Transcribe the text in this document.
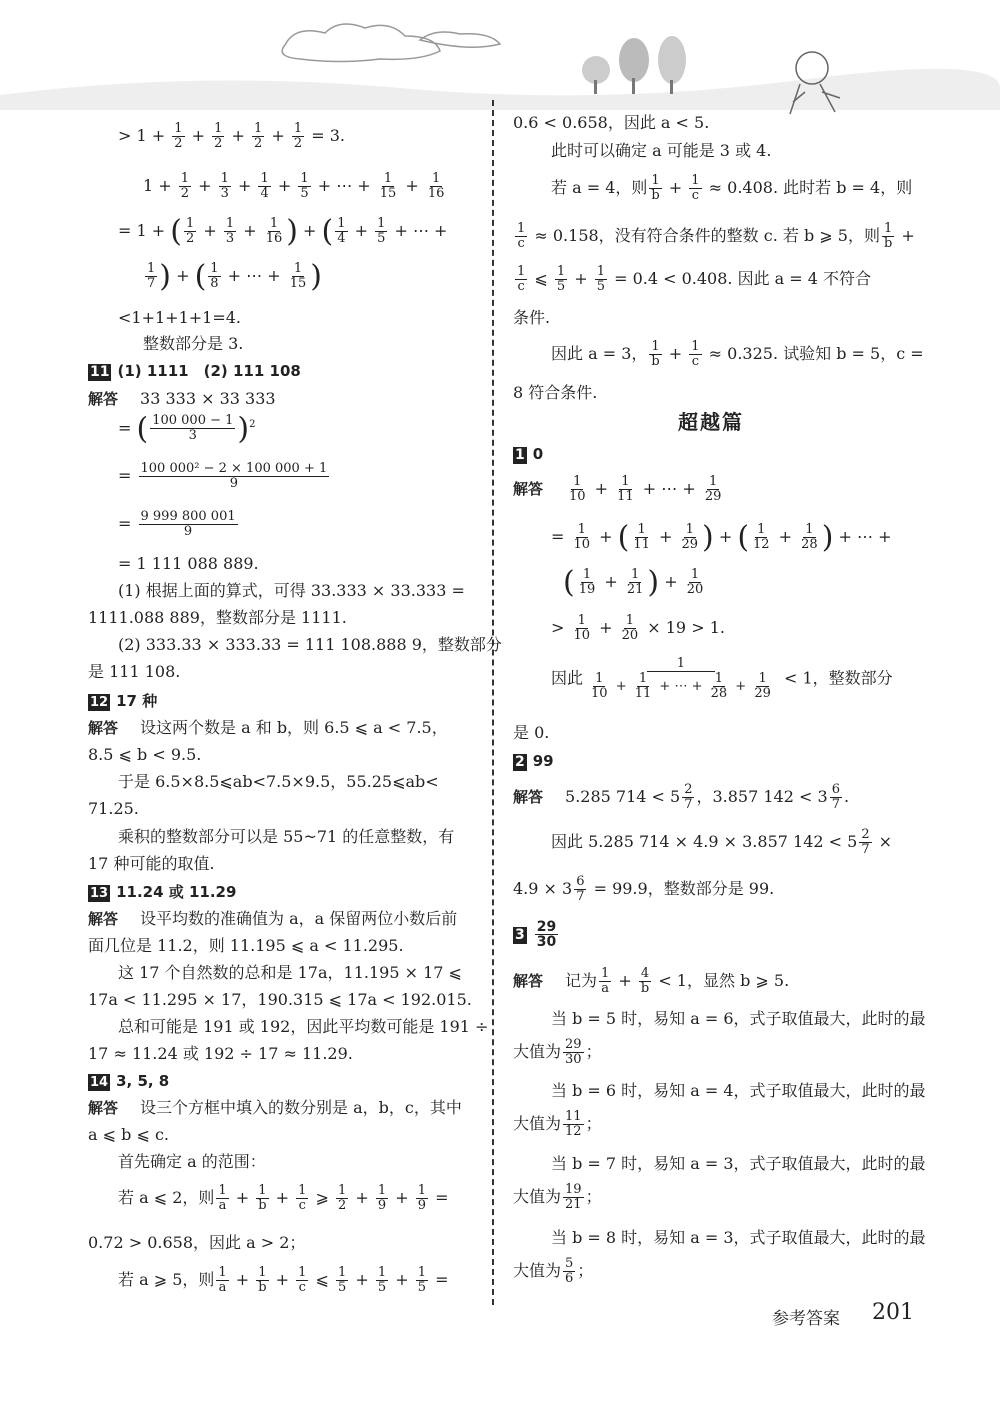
> $1 + \frac{1}{2} + \frac{1}{2} + \frac{1}{2} + \frac{1}{2} = 3$.
$1 + \frac{1}{2} + \frac{1}{3} + \frac{1}{4} + \frac{1}{5}$ + ⋯ + $\frac{1}{15} + \frac{1}{16}$
= 1 + ( $\frac{1}{2} + \frac{1}{3} + \frac{1}{16}$ ) + ( $\frac{1}{4} + \frac{1}{5}$ + ⋯ +
$\frac{1}{7}$ ) + ( $\frac{1}{8}$ + ⋯ + $\frac{1}{15}$ )
<1+1+1+1=4.
整数部分是 3.
11 (1) 1111　(2) 111 108
解答 33 333 × 33 333
= ( $\frac{100 000 - 1}{3} )^2$
= $\frac{\text{100 000² − 2 × 100 000 + 1}}{9}$
= $\frac{9 999 800 001}{9}$
= 1 111 088 889.
(1) 根据上面的算式，可得 33.333 × 33.333 =
1111.088 889，整数部分是 1111.
(2) 333.33 × 333.33 = 111 108.888 9，整数部分
是 111 108.
12 17 种
解答 设这两个数是 a 和 b，则 6.5 ⩽ a < 7.5，
8.5 ⩽ b < 9.5.
于是 6.5×8.5⩽ab<7.5×9.5，55.25⩽ab<
71.25.
乘积的整数部分可以是 55~71 的任意整数，有
17 种可能的取值.
13 11.24 或 11.29
解答 设平均数的准确值为 a，a 保留两位小数后前
面几位是 11.2，则 11.195 ⩽ a < 11.295.
这 17 个自然数的总和是 17a，11.195 × 17 ⩽
17a < 11.295 × 17，190.315 ⩽ 17a < 192.015.
总和可能是 191 或 192，因此平均数可能是 191 ÷
17 ≈ 11.24 或 192 ÷ 17 ≈ 11.29.
14 3, 5, 8
解答 设三个方框中填入的数分别是 a，b，c，其中
a ⩽ b ⩽ c.
首先确定 a 的范围：
若 a ⩽ 2，则 $\frac{1}{a} + \frac{1}{b} + \frac{1}{c}$ ⩾ $\frac{1}{2} + \frac{1}{9} + \frac{1}{9}$ =
0.72 > 0.658，因此 a > 2；
若 a ⩾ 5，则 $\frac{1}{a} + \frac{1}{b} + \frac{1}{c}$ ⩽ $\frac{1}{5} + \frac{1}{5} + \frac{1}{5}$ =
0.6 < 0.658，因此 a < 5.
此时可以确定 a 可能是 3 或 4.
若 a = 4，则 $\frac{1}{b} + \frac{1}{c} \approx 0.408$. 此时若 b = 4，则
$\frac{1}{c} \approx 0.158$，没有符合条件的整数 c. 若 b ⩾ 5，则 $\frac{1}{b}$ +
$\frac{1}{c}$ ⩽ $\frac{1}{5} + \frac{1}{5} = 0.4 < 0.408$. 因此 a = 4 不符合
条件.
因此 a = 3， $\frac{1}{b} + \frac{1}{c} \approx 0.325$. 试验知 b = 5，c =
8 符合条件.
超越篇
1 0
解答 $\frac{1}{10} + \frac{1}{11}$ + ⋯ + $\frac{1}{29}$
= $\frac{1}{10}$ + ( $\frac{1}{11} + \frac{1}{29}$ ) + ( $\frac{1}{12} + \frac{1}{28}$ ) + ⋯ +
( $\frac{1}{19} + \frac{1}{21}$ ) + $\frac{1}{20}$
> $\frac{1}{10} + \frac{1}{20} \times 19 > 1$.
因此 $\frac{1}{\frac{1}{10} + \frac{1}{11} + \cdots + \frac{1}{28} + \frac{1}{29}} < 1$，整数部分
是 0.
2 99
解答 5.285 $714 < 5 \frac{2}{7}$ ，3.857 $142 < 3 \frac{6}{7}$ .
因此 5.285 714 × 4.9 × 3.857 $142 < 5 \frac{2}{7}$ ×
$4.9 \times 3 \frac{6}{7} = 99.9$，整数部分是 99.
$3 \frac{29}{30}$
解答 记为 $\frac{1}{a} + \frac{4}{b} < 1$，显然 b ⩾ 5.
当 b = 5 时，易知 a = 6，式子取值最大，此时的最
大值为 $\frac{29}{30}$ ；
当 b = 6 时，易知 a = 4，式子取值最大，此时的最
大值为 $\frac{11}{12}$ ；
当 b = 7 时，易知 a = 3，式子取值最大，此时的最
大值为 $\frac{19}{21}$ ；
当 b = 8 时，易知 a = 3，式子取值最大，此时的最
大值为 $\frac{5}{6}$ ；
参考答案 201
